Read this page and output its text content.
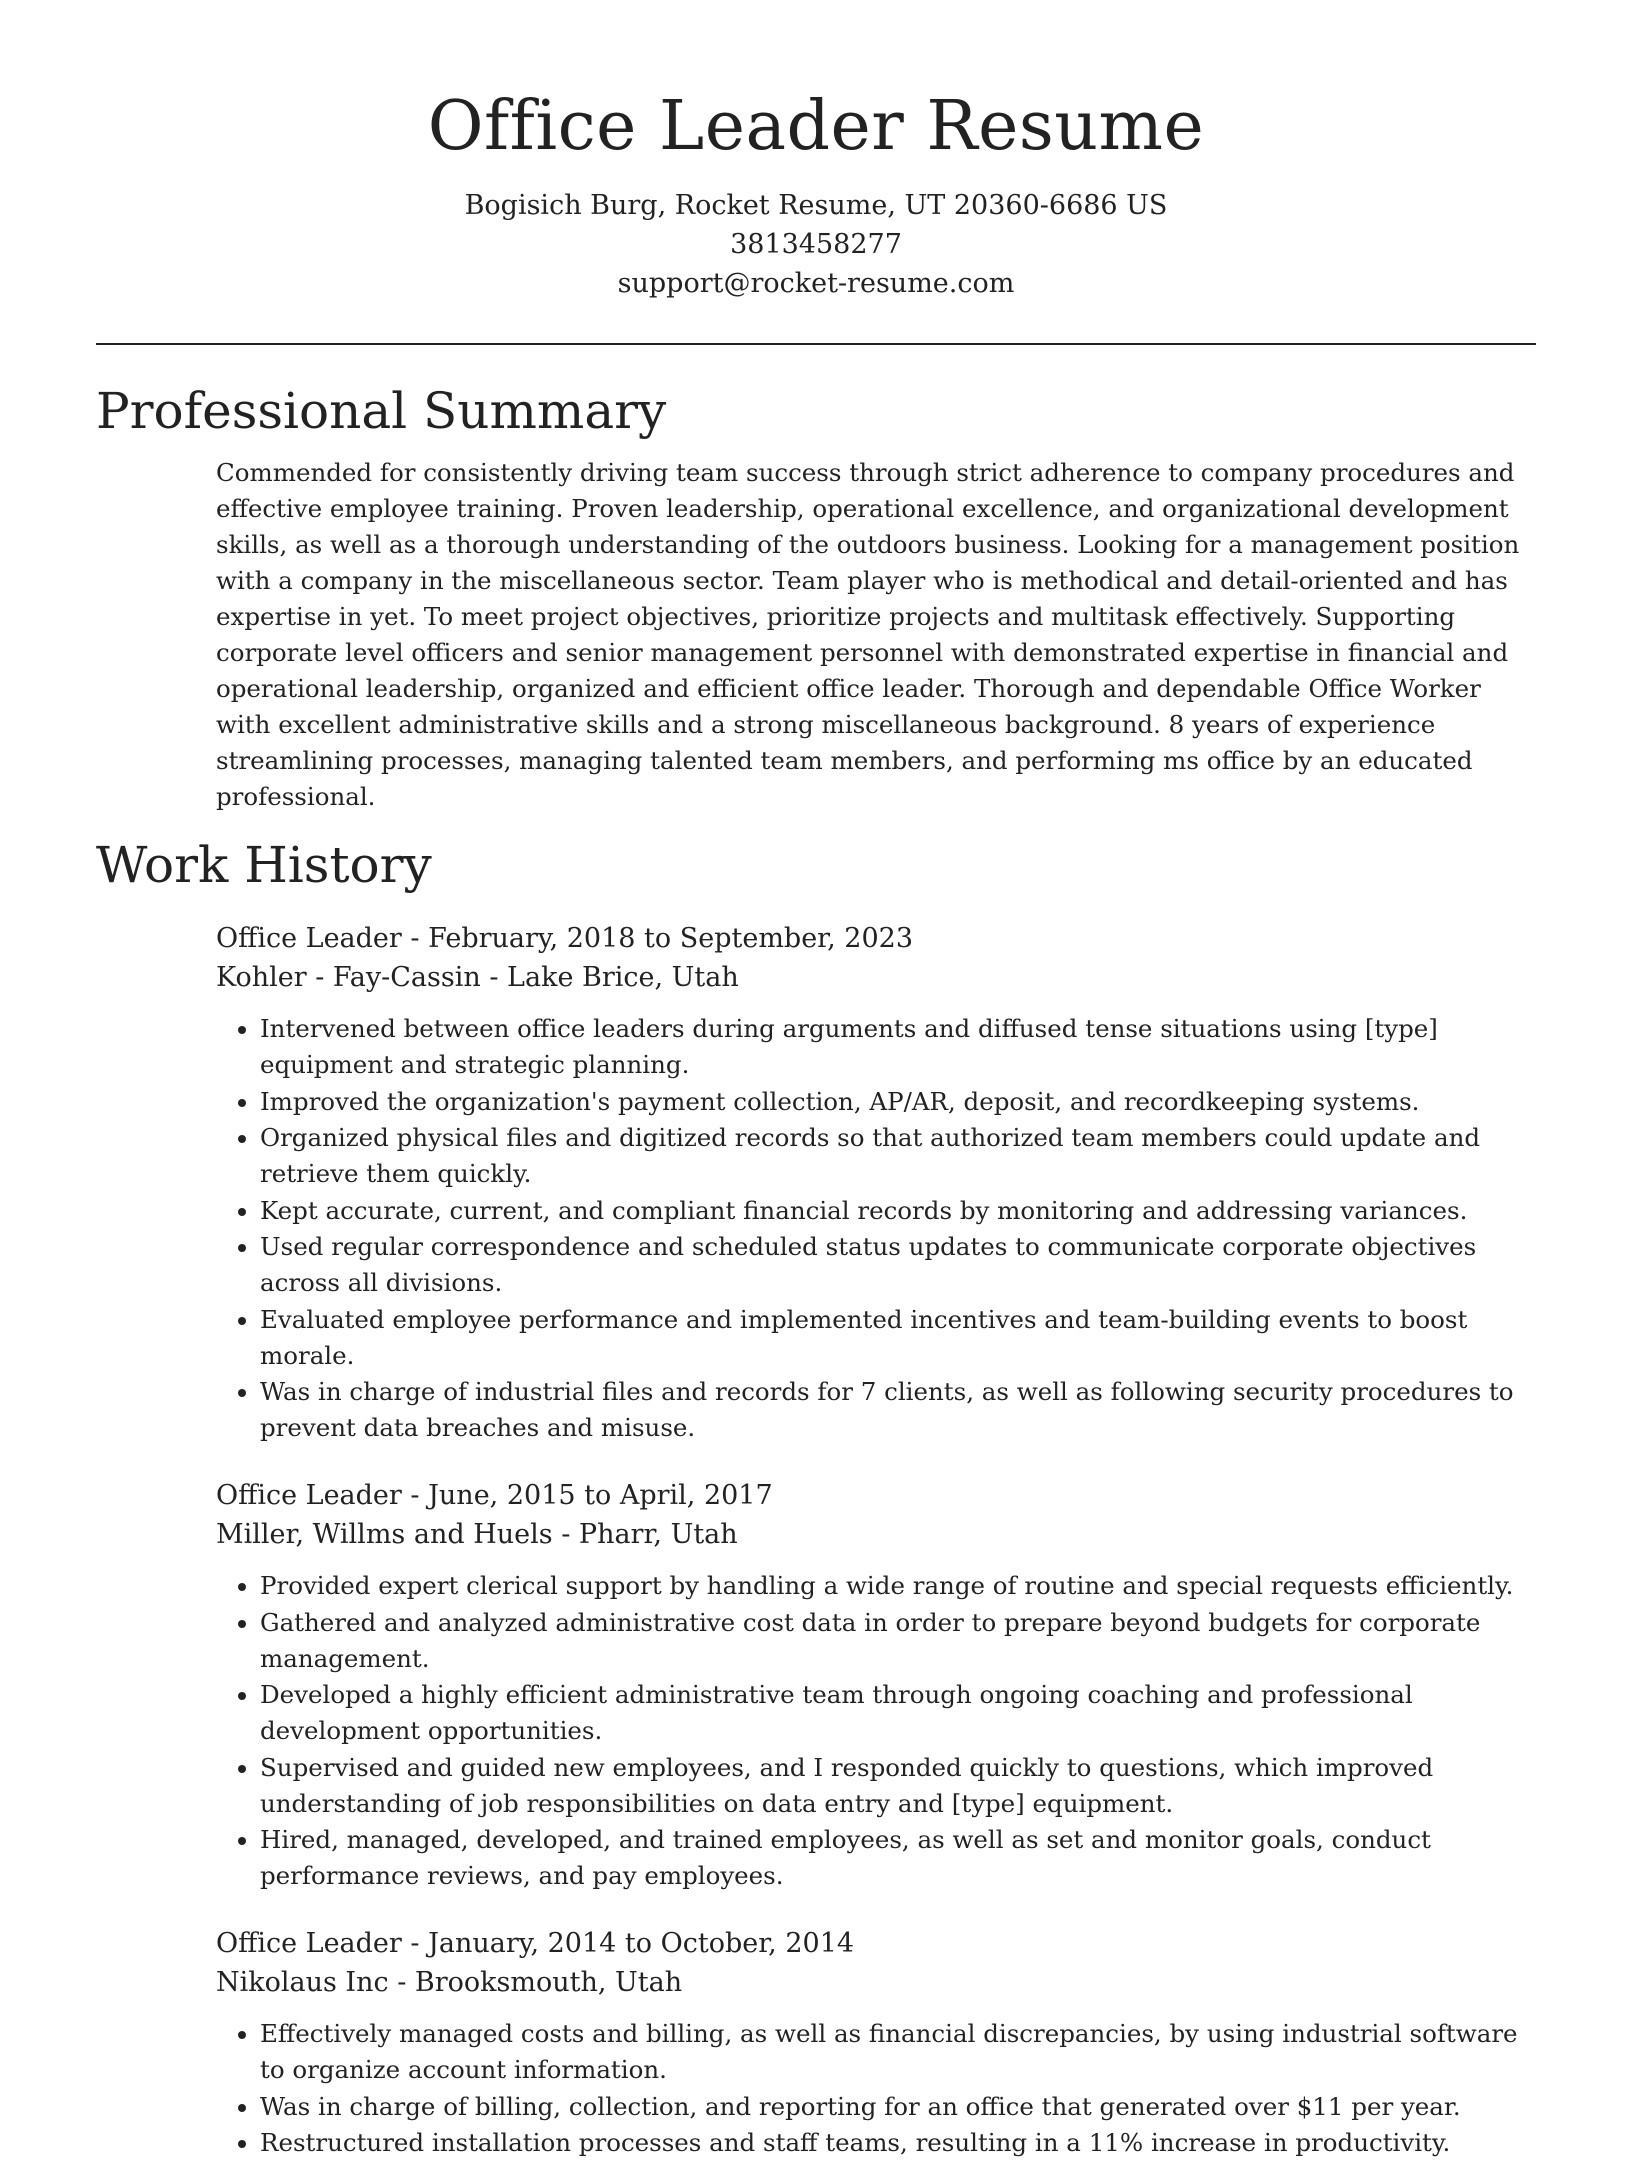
Office Leader Resume
Bogisich Burg, Rocket Resume, UT 20360-6686 US
3813458277
support@rocket-resume.com
Professional Summary

Commended for consistently driving team success through strict adherence to company procedures and effective employee training. Proven leadership, operational excellence, and organizational development skills, as well as a thorough understanding of the outdoors business. Looking for a management position with a company in the miscellaneous sector. Team player who is methodical and detail-oriented and has expertise in yet. To meet project objectives, prioritize projects and multitask effectively. Supporting corporate level officers and senior management personnel with demonstrated expertise in financial and operational leadership, organized and efficient office leader. Thorough and dependable Office Worker with excellent administrative skills and a strong miscellaneous background. 8 years of experience streamlining processes, managing talented team members, and performing ms office by an educated professional.

Work History

Office Leader - February, 2018 to September, 2023

Kohler - Fay-Cassin - Lake Brice, Utah

• Intervened between office leaders during arguments and diffused tense situations using [type] equipment and strategic planning.
• Improved the organization's payment collection, AP/AR, deposit, and recordkeeping systems.
• Organized physical files and digitized records so that authorized team members could update and retrieve them quickly.
• Kept accurate, current, and compliant financial records by monitoring and addressing variances.
• Used regular correspondence and scheduled status updates to communicate corporate objectives across all divisions.
• Evaluated employee performance and implemented incentives and team-building events to boost morale.
• Was in charge of industrial files and records for 7 clients, as well as following security procedures to prevent data breaches and misuse.

Office Leader - June, 2015 to April, 2017

Miller, Willms and Huels - Pharr, Utah

• Provided expert clerical support by handling a wide range of routine and special requests efficiently.
• Gathered and analyzed administrative cost data in order to prepare beyond budgets for corporate management.
• Developed a highly efficient administrative team through ongoing coaching and professional development opportunities.
• Supervised and guided new employees, and I responded quickly to questions, which improved understanding of job responsibilities on data entry and [type] equipment.
• Hired, managed, developed, and trained employees, as well as set and monitor goals, conduct performance reviews, and pay employees.

Office Leader - January, 2014 to October, 2014

Nikolaus Inc - Brooksmouth, Utah

• Effectively managed costs and billing, as well as financial discrepancies, by using industrial software to organize account information.
• Was in charge of billing, collection, and reporting for an office that generated over $11 per year.
• Restructured installation processes and staff teams, resulting in a 11% increase in productivity.
